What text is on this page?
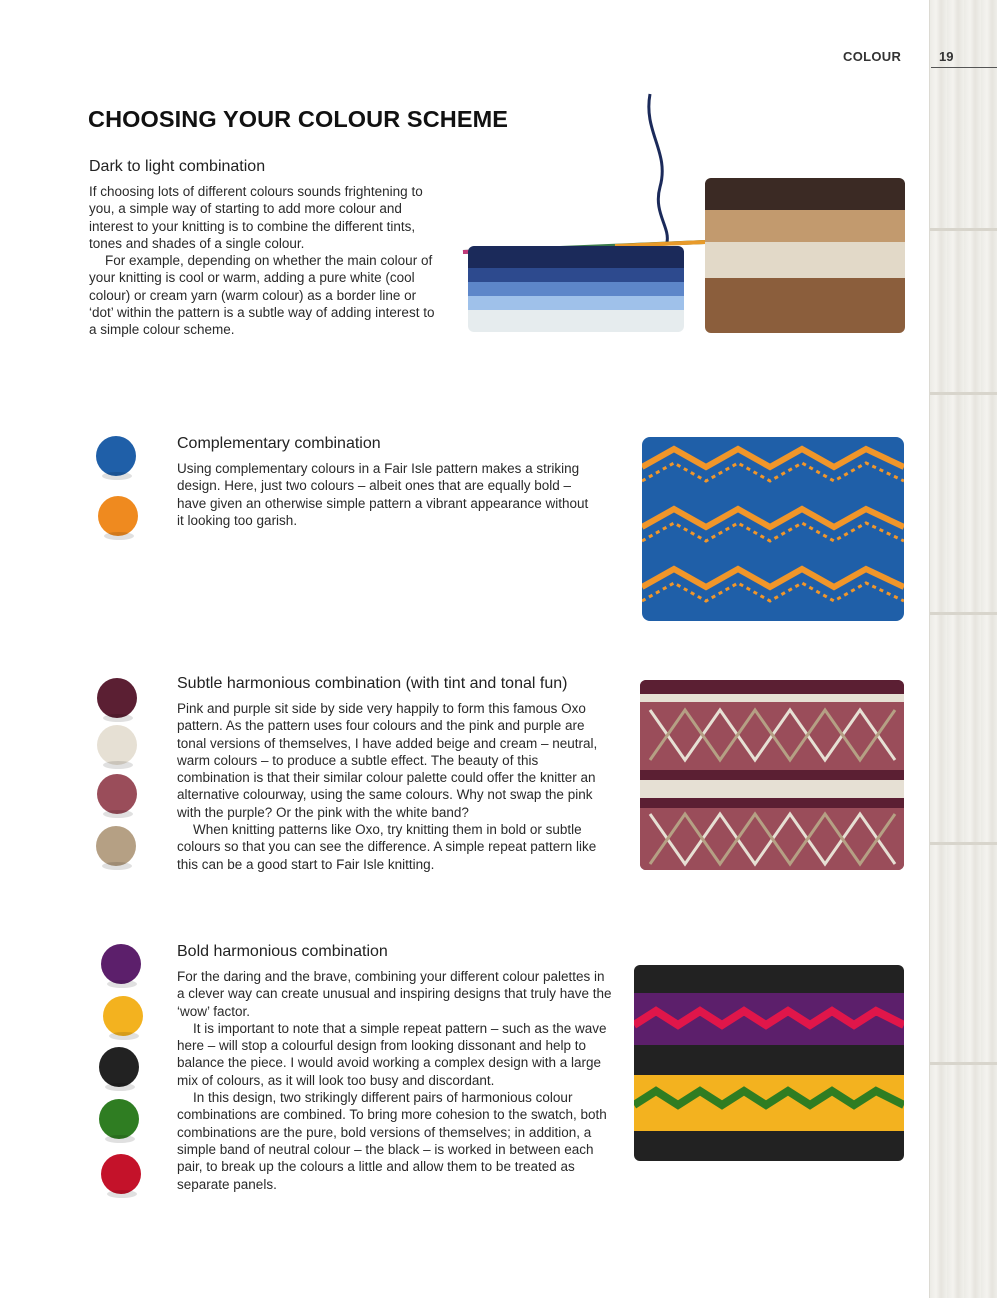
COLOUR	19
CHOOSING YOUR COLOUR SCHEME
Dark to light combination

If choosing lots of different colours sounds frightening to you, a simple way of starting to add more colour and interest to your knitting is to combine the different tints, tones and shades of a single colour.

For example, depending on whether the main colour of your knitting is cool or warm, adding a pure white (cool colour) or cream yarn (warm colour) as a border line or ‘dot’ within the pattern is a subtle way of adding interest to a simple colour scheme.

Complementary combination

Using complementary colours in a Fair Isle pattern makes a striking design. Here, just two colours – albeit ones that are equally bold – have given an otherwise simple pattern a vibrant appearance without it looking too garish.

Subtle harmonious combination (with tint and tonal fun)

Pink and purple sit side by side very happily to form this famous Oxo pattern. As the pattern uses four colours and the pink and purple are tonal versions of themselves, I have added beige and cream – neutral, warm colours – to produce a subtle effect. The beauty of this combination is that their similar colour palette could offer the knitter an alternative colourway, using the same colours. Why not swap the pink with the purple? Or the pink with the white band?

When knitting patterns like Oxo, try knitting them in bold or subtle colours so that you can see the difference. A simple repeat pattern like this can be a good start to Fair Isle knitting.

Bold harmonious combination

For the daring and the brave, combining your different colour palettes in a clever way can create unusual and inspiring designs that truly have the ‘wow’ factor.

It is important to note that a simple repeat pattern – such as the wave here – will stop a colourful design from looking dissonant and help to balance the piece. I would avoid working a complex design with a large mix of colours, as it will look too busy and discordant.

In this design, two strikingly different pairs of harmonious colour combinations are combined. To bring more cohesion to the swatch, both combinations are the pure, bold versions of themselves; in addition, a simple band of neutral colour – the black – is worked in between each pair, to break up the colours a little and allow them to be treated as separate panels.
